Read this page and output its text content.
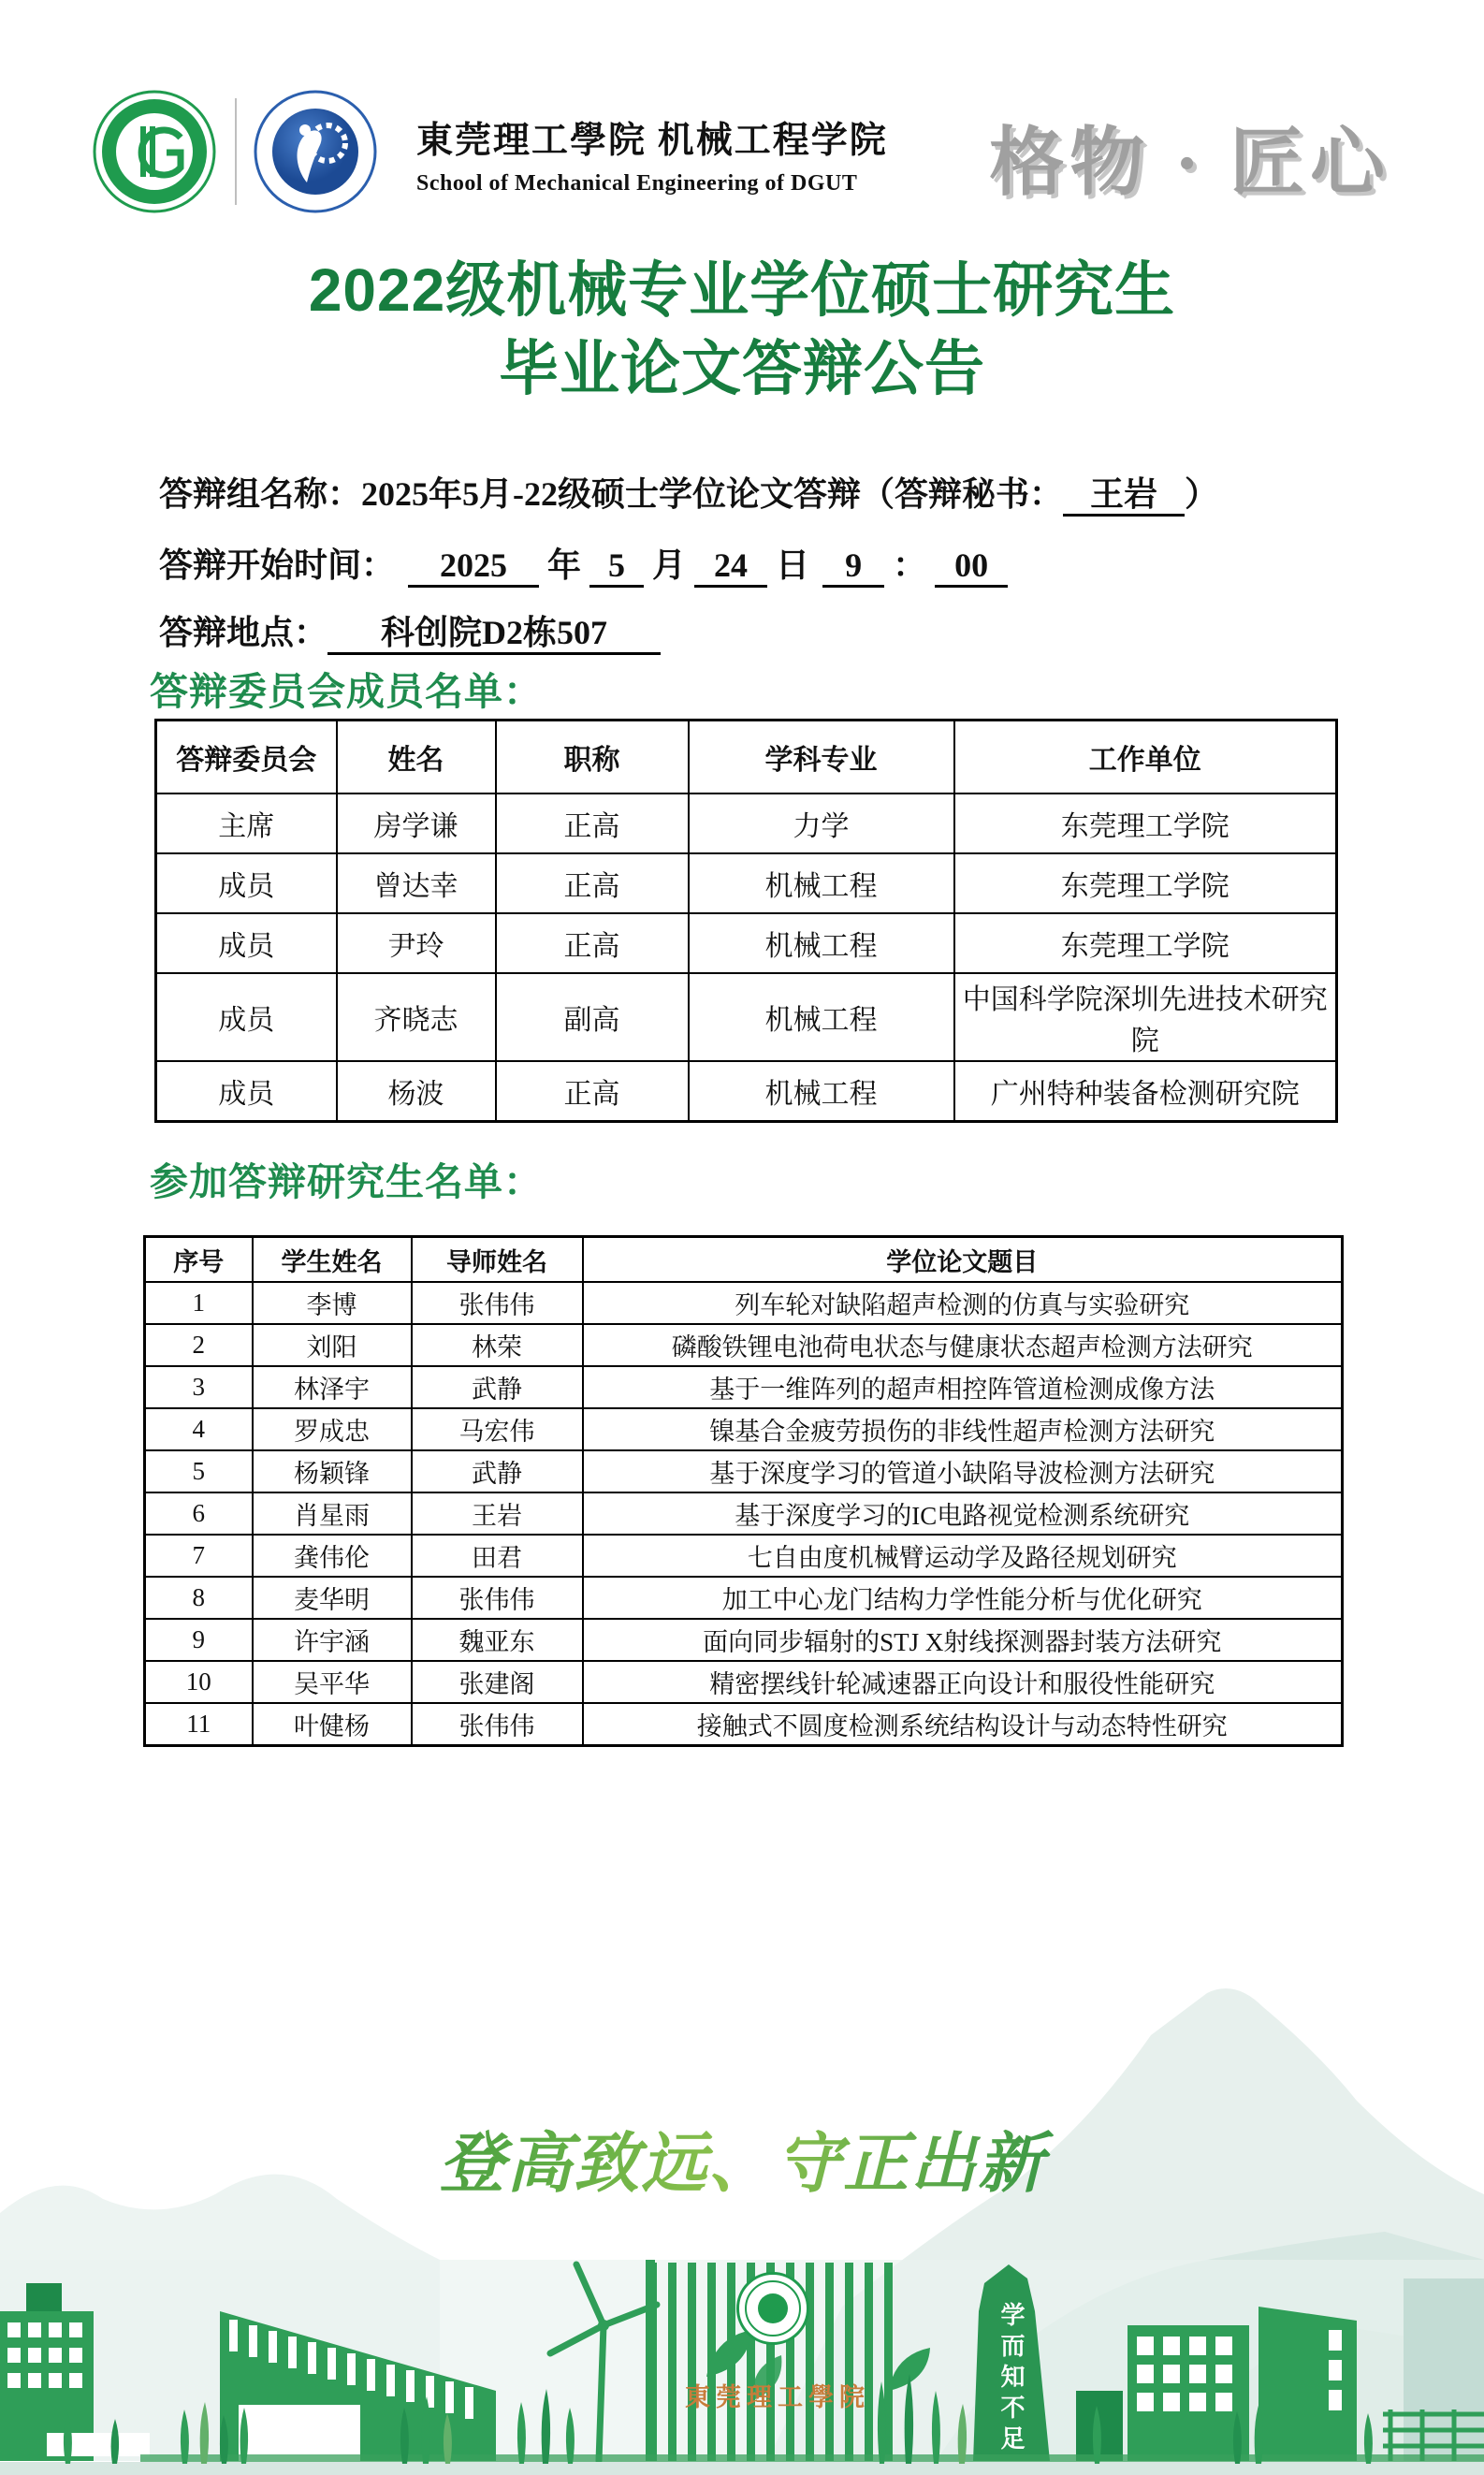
東莞理工學院 机械工程学院
School of Mechanical Engineering of DGUT	格物 · 匠心
2022级机械专业学位硕士研究生
毕业论文答辩公告
答辩组名称：2025年5月-22级硕士学位论文答辩（答辩秘书： 王岩 ）
答辩开始时间： 2025 年 5 月 24 日 9 ： 00
答辩地点： 科创院D2栋507
答辩委员会成员名单：
答辩委员会	姓名	职称	学科专业	工作单位
主席	房学谦	正高	力学	东莞理工学院
成员	曾达幸	正高	机械工程	东莞理工学院
成员	尹玲	正高	机械工程	东莞理工学院
成员	齐晓志	副高	机械工程	中国科学院深圳先进技术研究院
成员	杨波	正高	机械工程	广州特种装备检测研究院
参加答辩研究生名单：
序号	学生姓名	导师姓名	学位论文题目
1	李博	张伟伟	列车轮对缺陷超声检测的仿真与实验研究
2	刘阳	林荣	磷酸铁锂电池荷电状态与健康状态超声检测方法研究
3	林泽宇	武静	基于一维阵列的超声相控阵管道检测成像方法
4	罗成忠	马宏伟	镍基合金疲劳损伤的非线性超声检测方法研究
5	杨颖锋	武静	基于深度学习的管道小缺陷导波检测方法研究
6	肖星雨	王岩	基于深度学习的IC电路视觉检测系统研究
7	龚伟伦	田君	七自由度机械臂运动学及路径规划研究
8	麦华明	张伟伟	加工中心龙门结构力学性能分析与优化研究
9	许宇涵	魏亚东	面向同步辐射的STJ X射线探测器封装方法研究
10	吴平华	张建阁	精密摆线针轮减速器正向设计和服役性能研究
11	叶健杨	张伟伟	接触式不圆度检测系统结构设计与动态特性研究
登高致远、守正出新
東莞理工學院	学而知不足
